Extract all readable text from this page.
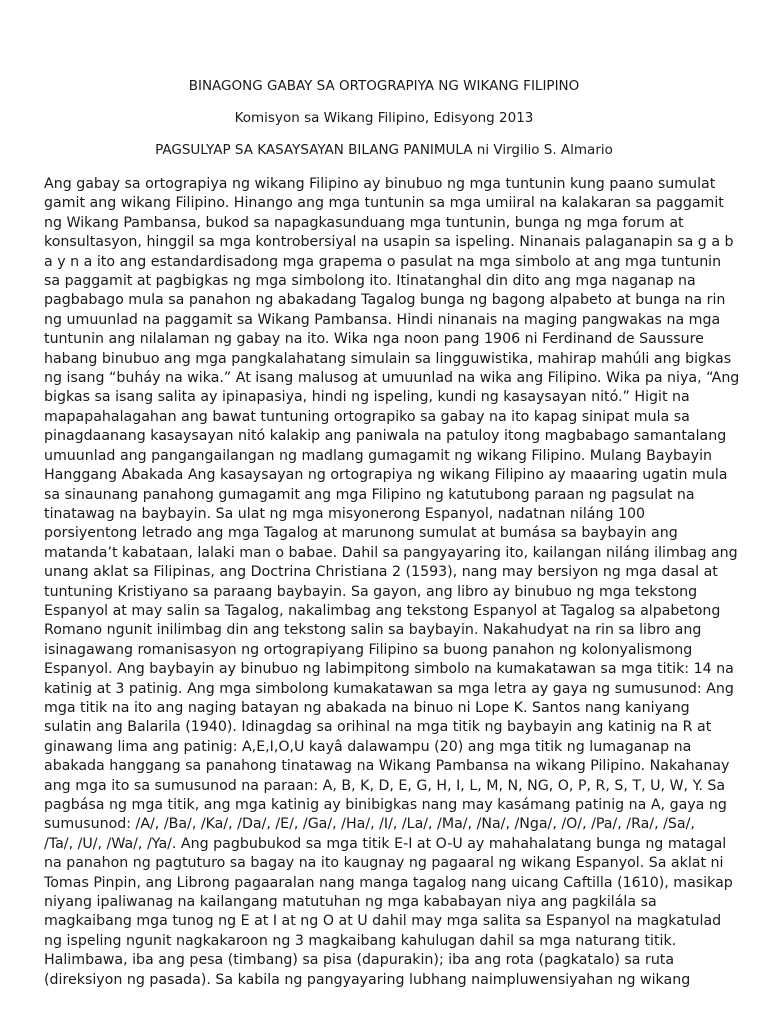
BINAGONG GABAY SA ORTOGRAPIYA NG WIKANG FILIPINO

Komisyon sa Wikang Filipino, Edisyong 2013

PAGSULYAP SA KASAYSAYAN BILANG PANIMULA ni Virgilio S. Almario

Ang gabay sa ortograpiya ng wikang Filipino ay binubuo ng mga tuntunin kung paano sumulat
gamit ang wikang Filipino. Hinango ang mga tuntunin sa mga umiiral na kalakaran sa paggamit
ng Wikang Pambansa, bukod sa napagkasunduang mga tuntunin, bunga ng mga forum at
konsultasyon, hinggil sa mga kontrobersiyal na usapin sa ispeling. Ninanais palaganapin sa g a b
a y n a ito ang estandardisadong mga grapema o pasulat na mga simbolo at ang mga tuntunin
sa paggamit at pagbigkas ng mga simbolong ito. Itinatanghal din dito ang mga naganap na
pagbabago mula sa panahon ng abakadang Tagalog bunga ng bagong alpabeto at bunga na rin
ng umuunlad na paggamit sa Wikang Pambansa. Hindi ninanais na maging pangwakas na mga
tuntunin ang nilalaman ng gabay na ito. Wika nga noon pang 1906 ni Ferdinand de Saussure
habang binubuo ang mga pangkalahatang simulain sa lingguwistika, mahirap mahúli ang bigkas
ng isang “buháy na wika.” At isang malusog at umuunlad na wika ang Filipino. Wika pa niya, “Ang
bigkas sa isang salita ay ipinapasiya, hindi ng ispeling, kundi ng kasaysayan nitó.” Higit na
mapapahalagahan ang bawat tuntuning ortograpiko sa gabay na ito kapag sinipat mula sa
pinagdaanang kasaysayan nitó kalakip ang paniwala na patuloy itong magbabago samantalang
umuunlad ang pangangailangan ng madlang gumagamit ng wikang Filipino. Mulang Baybayin
Hanggang Abakada Ang kasaysayan ng ortograpiya ng wikang Filipino ay maaaring ugatin mula
sa sinaunang panahong gumagamit ang mga Filipino ng katutubong paraan ng pagsulat na
tinatawag na baybayin. Sa ulat ng mga misyonerong Espanyol, nadatnan niláng 100
porsiyentong letrado ang mga Tagalog at marunong sumulat at bumása sa baybayin ang
matanda’t kabataan, lalaki man o babae. Dahil sa pangyayaring ito, kailangan niláng ilimbag ang
unang aklat sa Filipinas, ang Doctrina Christiana 2 (1593), nang may bersiyon ng mga dasal at
tuntuning Kristiyano sa paraang baybayin. Sa gayon, ang libro ay binubuo ng mga tekstong
Espanyol at may salin sa Tagalog, nakalimbag ang tekstong Espanyol at Tagalog sa alpabetong
Romano ngunit inilimbag din ang tekstong salin sa baybayin. Nakahudyat na rin sa libro ang
isinagawang romanisasyon ng ortograpiyang Filipino sa buong panahon ng kolonyalismong
Espanyol. Ang baybayin ay binubuo ng labimpitong simbolo na kumakatawan sa mga titik: 14 na
katinig at 3 patinig. Ang mga simbolong kumakatawan sa mga letra ay gaya ng sumusunod: Ang
mga titik na ito ang naging batayan ng abakada na binuo ni Lope K. Santos nang kaniyang
sulatin ang Balarila (1940). Idinagdag sa orihinal na mga titik ng baybayin ang katinig na R at
ginawang lima ang patinig: A,E,I,O,U kayâ dalawampu (20) ang mga titik ng lumaganap na
abakada hanggang sa panahong tinatawag na Wikang Pambansa na wikang Pilipino. Nakahanay
ang mga ito sa sumusunod na paraan: A, B, K, D, E, G, H, I, L, M, N, NG, O, P, R, S, T, U, W, Y. Sa
pagbása ng mga titik, ang mga katinig ay binibigkas nang may kasámang patinig na A, gaya ng
sumusunod: /A/, /Ba/, /Ka/, /Da/, /E/, /Ga/, /Ha/, /I/, /La/, /Ma/, /Na/, /Nga/, /O/, /Pa/, /Ra/, /Sa/,
/Ta/, /U/, /Wa/, /Ya/. Ang pagbubukod sa mga titik E-I at O-U ay mahahalatang bunga ng matagal
na panahon ng pagtuturo sa bagay na ito kaugnay ng pagaaral ng wikang Espanyol. Sa aklat ni
Tomas Pinpin, ang Librong pagaaralan nang manga tagalog nang uicang Caftilla (1610), masikap
niyang ipaliwanag na kailangang matutuhan ng mga kababayan niya ang pagkilála sa
magkaibang mga tunog ng E at I at ng O at U dahil may mga salita sa Espanyol na magkatulad
ng ispeling ngunit nagkakaroon ng 3 magkaibang kahulugan dahil sa mga naturang titik.
Halimbawa, iba ang pesa (timbang) sa pisa (dapurakin); iba ang rota (pagkatalo) sa ruta
(direksiyon ng pasada). Sa kabila ng pangyayaring lubhang naimpluwensiyahan ng wikang
